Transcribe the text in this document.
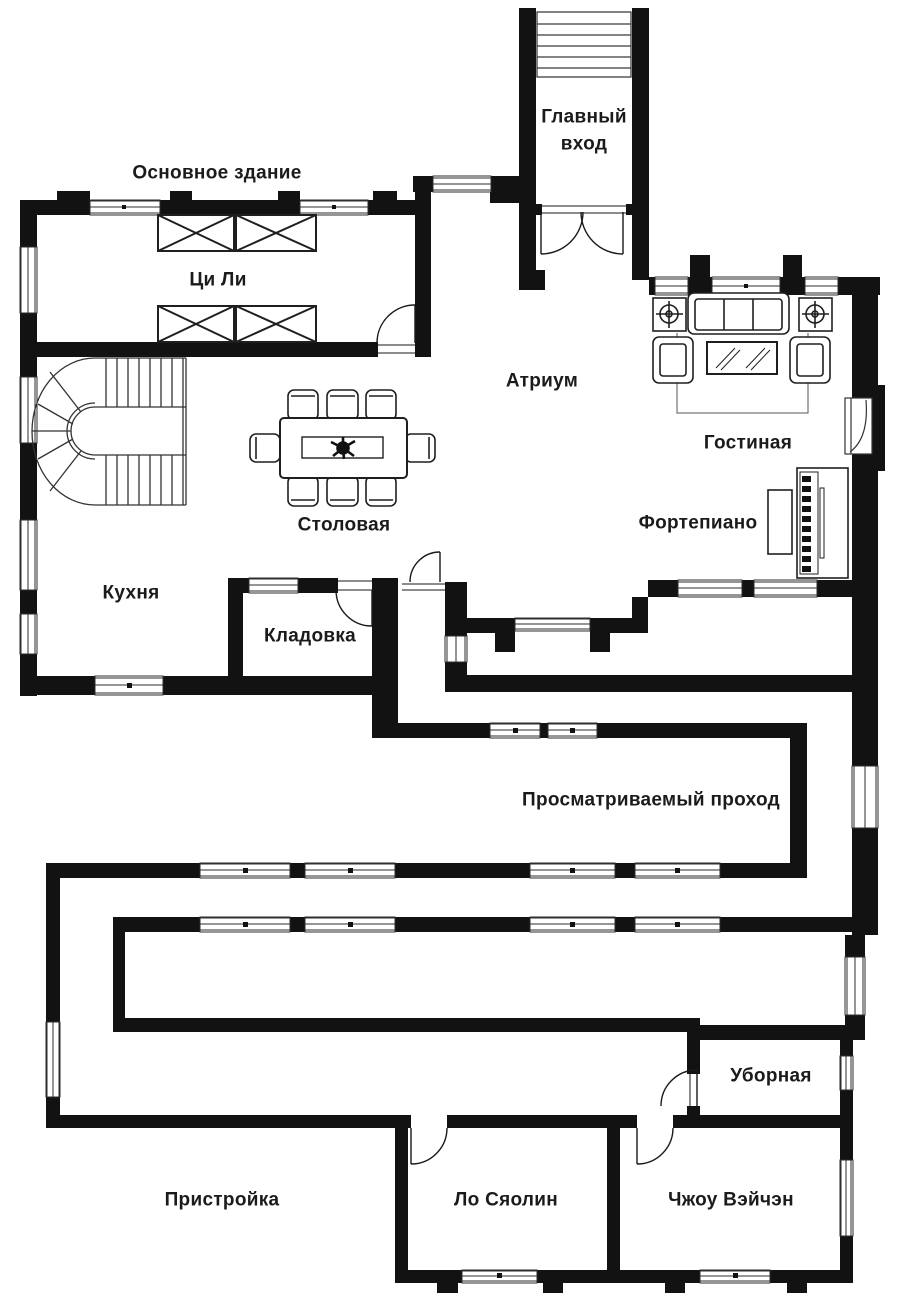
Основное здание
Главный вход
Ци Ли
Атриум
Гостиная
Фортепиано
Столовая
Кухня
Кладовка
Просматриваемый проход
Уборная
Пристройка	Ло Сяолин	Чжоу Вэйчэн
